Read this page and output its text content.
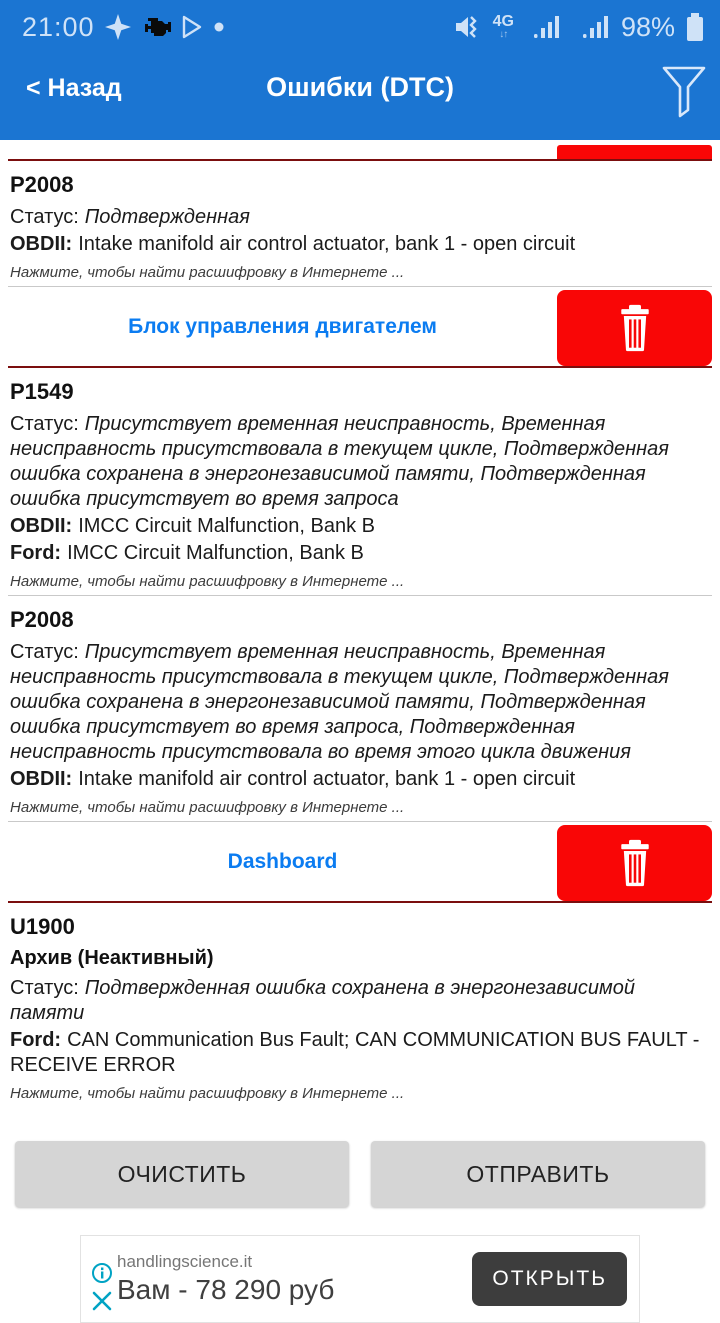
21:00	4G
↓↑	98%
< Назад	Ошибки (DTC)
P2008
Статус: Подтвержденная
OBDII: Intake manifold air control actuator, bank 1 - open circuit
Нажмите, чтобы найти расшифровку в Интернете ...
Блок управления двигателем
P1549
Статус: Присутствует временная неисправность, Временная неисправность присутствовала в текущем цикле, Подтвержденная ошибка сохранена в энергонезависимой памяти, Подтвержденная ошибка присутствует во время запроса
OBDII: IMCC Circuit Malfunction, Bank B
Ford: IMCC Circuit Malfunction, Bank B
Нажмите, чтобы найти расшифровку в Интернете ...
P2008
Статус: Присутствует временная неисправность, Временная неисправность присутствовала в текущем цикле, Подтвержденная ошибка сохранена в энергонезависимой памяти, Подтвержденная ошибка присутствует во время запроса, Подтвержденная неисправность присутствовала во время этого цикла движения
OBDII: Intake manifold air control actuator, bank 1 - open circuit
Нажмите, чтобы найти расшифровку в Интернете ...
Dashboard
U1900
Архив (Неактивный)
Статус: Подтвержденная ошибка сохранена в энергонезависимой памяти
Ford: CAN Communication Bus Fault; CAN COMMUNICATION BUS FAULT - RECEIVE ERROR
Нажмите, чтобы найти расшифровку в Интернете ...
ОЧИСТИТЬ	ОТПРАВИТЬ
handlingscience.it
Вам - 78 290 руб	ОТКРЫТЬ
